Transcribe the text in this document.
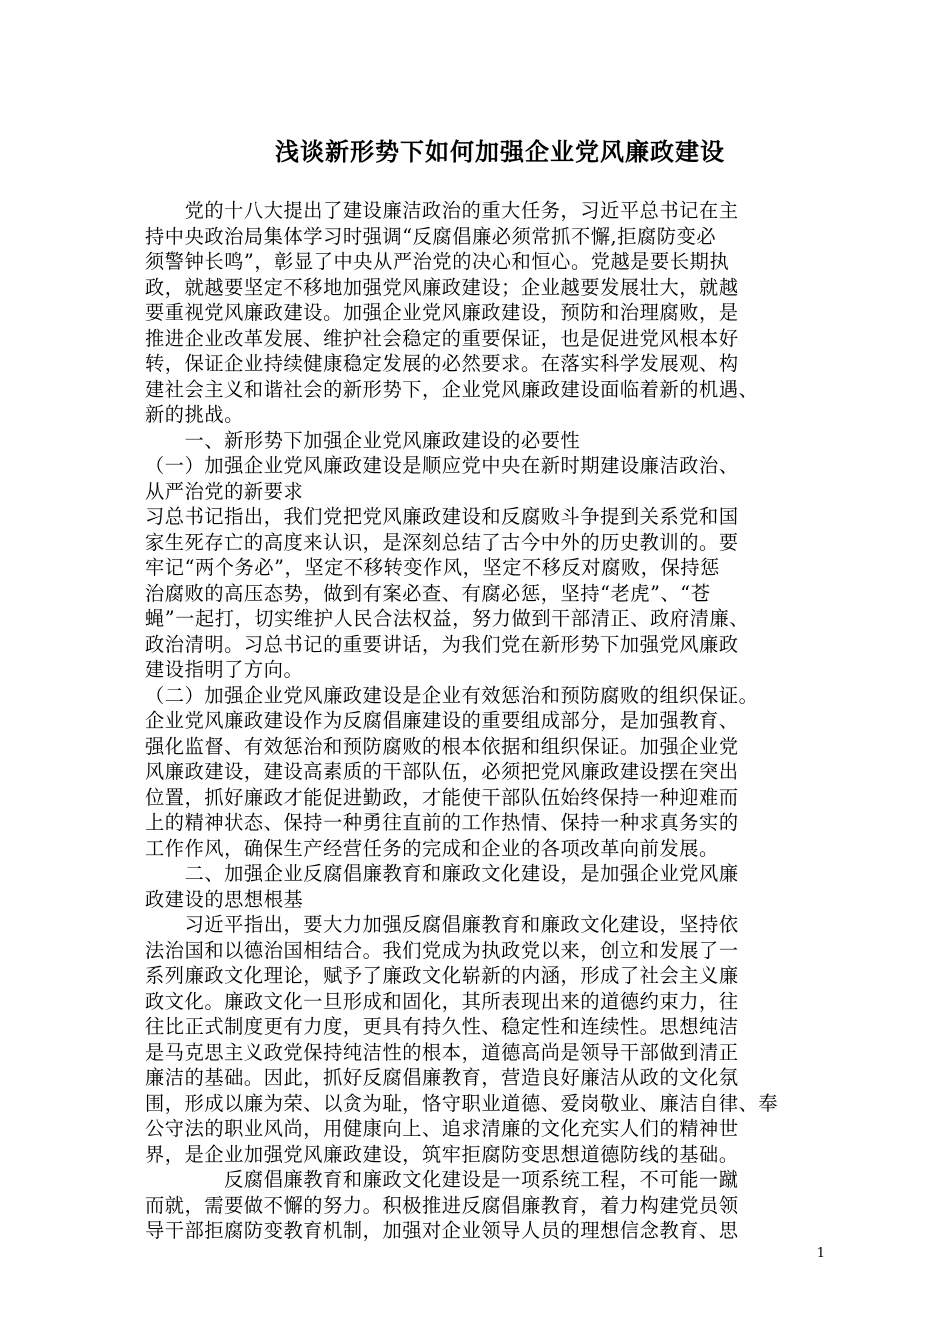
浅谈新形势下如何加强企业党风廉政建设
　　党的十八大提出了建设廉洁政治的重大任务，习近平总书记在主
持中央政治局集体学习时强调“反腐倡廉必须常抓不懈,拒腐防变必
须警钟长鸣”，彰显了中央从严治党的决心和恒心。党越是要长期执
政，就越要坚定不移地加强党风廉政建设；企业越要发展壮大，就越
要重视党风廉政建设。加强企业党风廉政建设，预防和治理腐败，是
推进企业改革发展、维护社会稳定的重要保证，也是促进党风根本好
转，保证企业持续健康稳定发展的必然要求。在落实科学发展观、构
建社会主义和谐社会的新形势下，企业党风廉政建设面临着新的机遇、
新的挑战。
　　一、新形势下加强企业党风廉政建设的必要性
（一）加强企业党风廉政建设是顺应党中央在新时期建设廉洁政治、
从严治党的新要求
习总书记指出，我们党把党风廉政建设和反腐败斗争提到关系党和国
家生死存亡的高度来认识，是深刻总结了古今中外的历史教训的。要
牢记“两个务必”，坚定不移转变作风，坚定不移反对腐败，保持惩
治腐败的高压态势，做到有案必查、有腐必惩，坚持“老虎”、“苍
蝇”一起打，切实维护人民合法权益，努力做到干部清正、政府清廉、
政治清明。习总书记的重要讲话，为我们党在新形势下加强党风廉政
建设指明了方向。
（二）加强企业党风廉政建设是企业有效惩治和预防腐败的组织保证。
企业党风廉政建设作为反腐倡廉建设的重要组成部分，是加强教育、
强化监督、有效惩治和预防腐败的根本依据和组织保证。加强企业党
风廉政建设，建设高素质的干部队伍，必须把党风廉政建设摆在突出
位置，抓好廉政才能促进勤政，才能使干部队伍始终保持一种迎难而
上的精神状态、保持一种勇往直前的工作热情、保持一种求真务实的
工作作风，确保生产经营任务的完成和企业的各项改革向前发展。
　　二、加强企业反腐倡廉教育和廉政文化建设，是加强企业党风廉
政建设的思想根基
　　习近平指出，要大力加强反腐倡廉教育和廉政文化建设，坚持依
法治国和以德治国相结合。我们党成为执政党以来，创立和发展了一
系列廉政文化理论，赋予了廉政文化崭新的内涵，形成了社会主义廉
政文化。廉政文化一旦形成和固化，其所表现出来的道德约束力，往
往比正式制度更有力度，更具有持久性、稳定性和连续性。思想纯洁
是马克思主义政党保持纯洁性的根本，道德高尚是领导干部做到清正
廉洁的基础。因此，抓好反腐倡廉教育，营造良好廉洁从政的文化氛
围，形成以廉为荣、以贪为耻，恪守职业道德、爱岗敬业、廉洁自律、奉
公守法的职业风尚，用健康向上、追求清廉的文化充实人们的精神世
界，是企业加强党风廉政建设，筑牢拒腐防变思想道德防线的基础。
　　　　反腐倡廉教育和廉政文化建设是一项系统工程，不可能一蹴
而就，需要做不懈的努力。积极推进反腐倡廉教育，着力构建党员领
导干部拒腐防变教育机制，加强对企业领导人员的理想信念教育、思
1
